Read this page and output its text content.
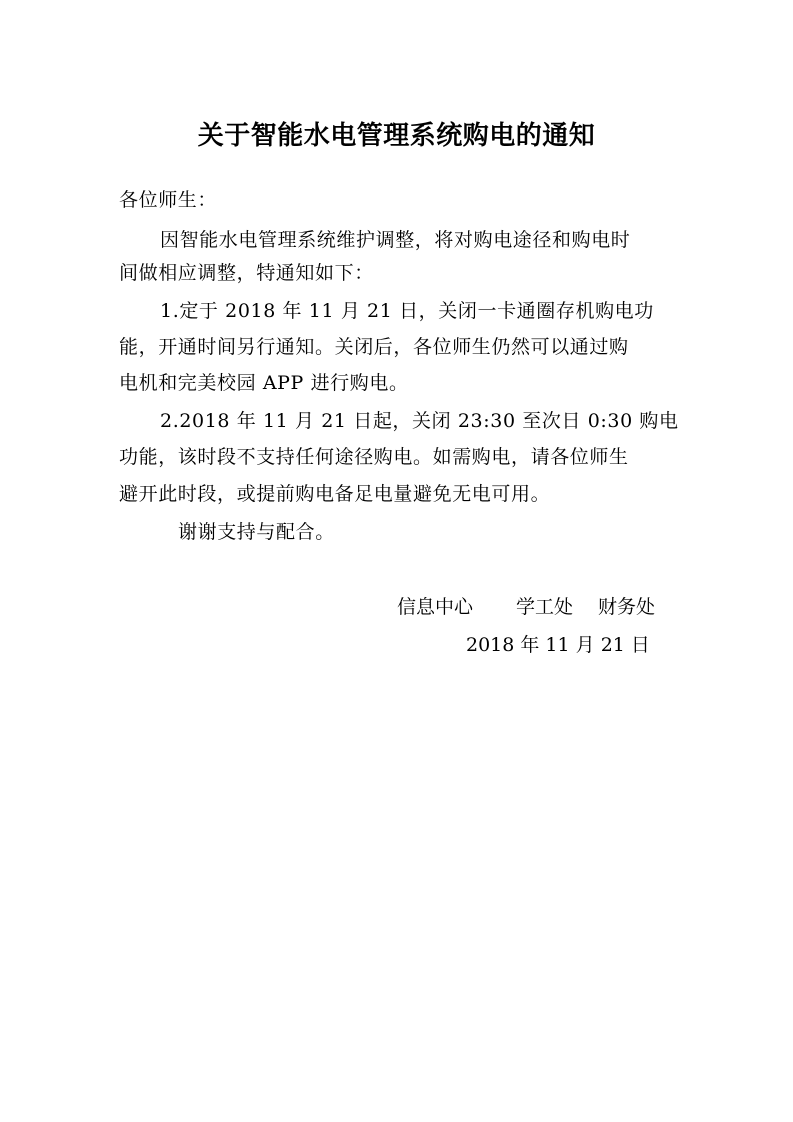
关于智能水电管理系统购电的通知
各位师生：
因智能水电管理系统维护调整，将对购电途径和购电时
间做相应调整，特通知如下：
1.定于 2018 年 11 月 21 日，关闭一卡通圈存机购电功
能，开通时间另行通知。关闭后，各位师生仍然可以通过购
电机和完美校园 APP 进行购电。
2.2018 年 11 月 21 日起，关闭 23:30 至次日 0:30 购电
功能，该时段不支持任何途径购电。如需购电，请各位师生
避开此时段，或提前购电备足电量避免无电可用。
谢谢支持与配合。
信息中心 学工处 财务处
2018 年 11 月 21 日
